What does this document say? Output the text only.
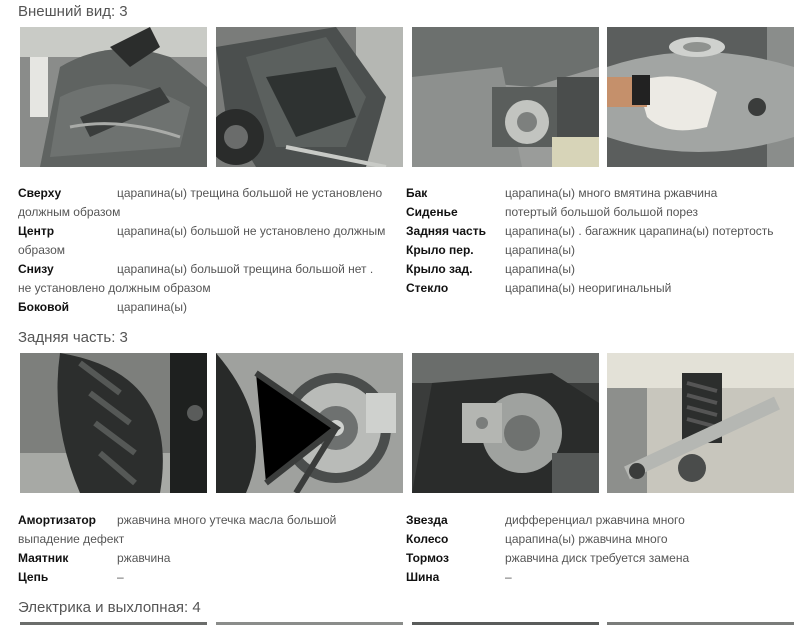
Внешний вид: 3
Сверху	царапина(ы) трещина большой не установлено должным образом
Центр	царапина(ы) большой не установлено должным образом
Снизу	царапина(ы) большой трещина большой нет . не установлено должным образом
Боковой	царапина(ы)
Бак	царапина(ы) много вмятина ржавчина
Сиденье	потертый большой большой порез
Задняя часть	царапина(ы) . багажник царапина(ы) потертость
Крыло пер.	царапина(ы)
Крыло зад.	царапина(ы)
Стекло	царапина(ы) неоригинальный
Задняя часть: 3
Амортизатор	ржавчина много утечка масла большой выпадение дефект
Маятник	ржавчина
Цепь	–
Звезда	дифференциал ржавчина много
Колесо	царапина(ы) ржавчина много
Тормоз	ржавчина диск требуется замена
Шина	–
Электрика и выхлопная: 4
